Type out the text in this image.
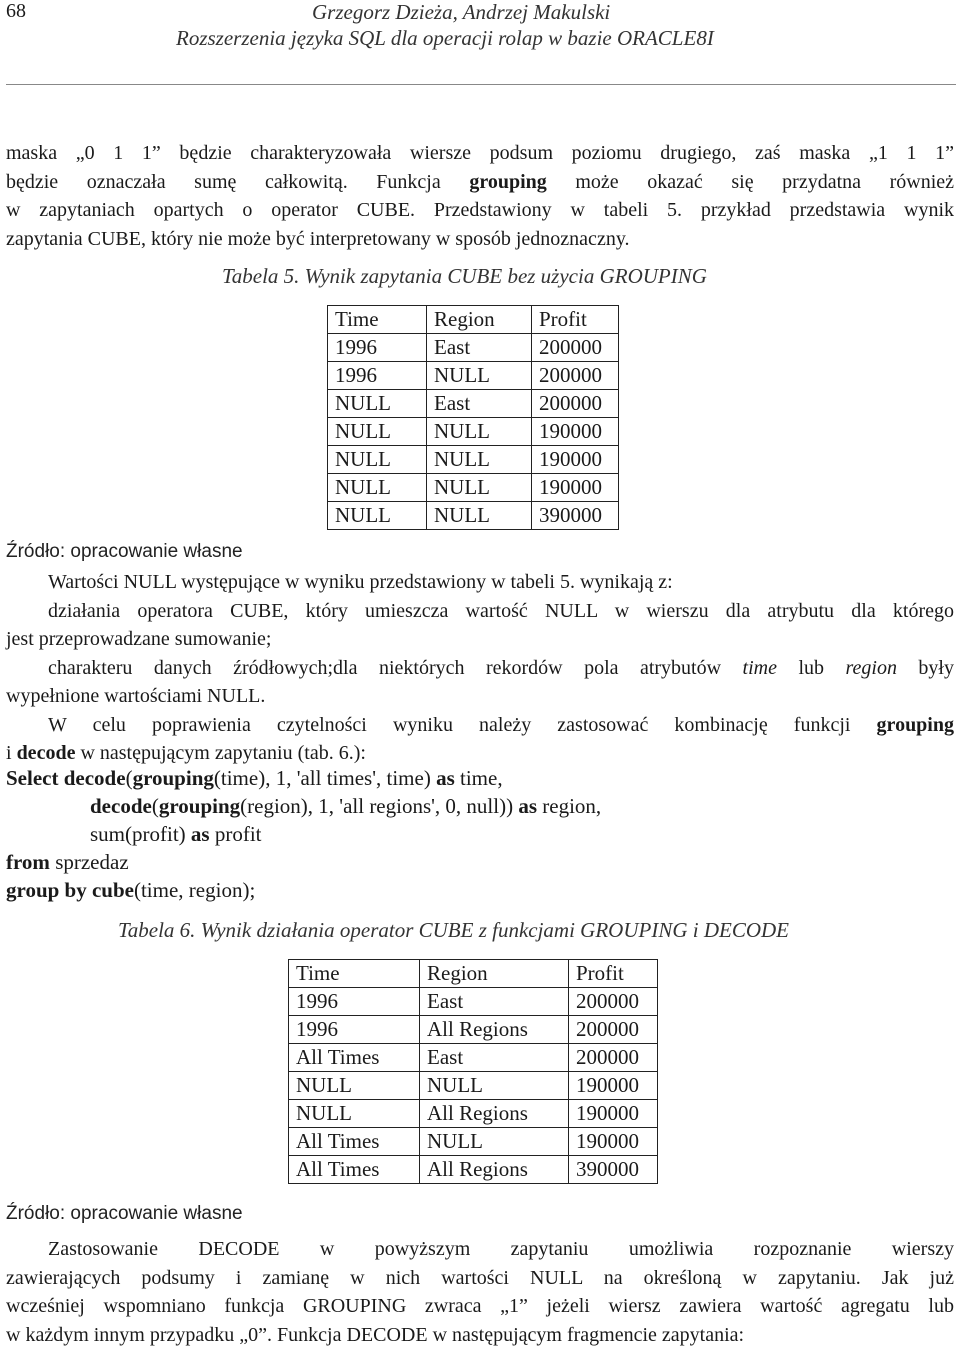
68	Grzegorz Dzieża, Andrzej Makulski
Rozszerzenia języka SQL dla operacji rolap w bazie ORACLE8I
maska „0 1 1” będzie charakteryzowała wiersze podsum poziomu drugiego, zaś maska „1 1 1”
będzie oznaczała sumę całkowitą. Funkcja grouping może okazać się przydatna również
w zapytaniach opartych o operator CUBE. Przedstawiony w tabeli 5. przykład przedstawia wynik
zapytania CUBE, który nie może być interpretowany w sposób jednoznaczny.
Tabela 5. Wynik zapytania CUBE bez użycia GROUPING
Time	Region	Profit
1996	East	200000
1996	NULL	200000
NULL	East	200000
NULL	NULL	190000
NULL	NULL	190000
NULL	NULL	190000
NULL	NULL	390000
Źródło: opracowanie własne
Wartości NULL występujące w wyniku przedstawiony w tabeli 5. wynikają z:
działania operatora CUBE, który umieszcza wartość NULL w wierszu dla atrybutu dla którego
jest przeprowadzane sumowanie;
charakteru danych źródłowych;dla niektórych rekordów pola atrybutów time lub region były
wypełnione wartościami NULL.
W celu poprawienia czytelności wyniku należy zastosować kombinację funkcji grouping
i decode w następującym zapytaniu (tab. 6.):
Select decode(grouping(time), 1, 'all times', time) as time,
decode(grouping(region), 1, 'all regions', 0, null)) as region,
sum(profit) as profit
from sprzedaz
group by cube(time, region);
Tabela 6. Wynik działania operator CUBE z funkcjami GROUPING i DECODE
Time	Region	Profit
1996	East	200000
1996	All Regions	200000
All Times	East	200000
NULL	NULL	190000
NULL	All Regions	190000
All Times	NULL	190000
All Times	All Regions	390000
Źródło: opracowanie własne
Zastosowanie DECODE w powyższym zapytaniu umożliwia rozpoznanie wierszy
zawierających podsumy i zamianę w nich wartości NULL na określoną w zapytaniu. Jak już
wcześniej wspomniano funkcja GROUPING zwraca „1” jeżeli wiersz zawiera wartość agregatu lub
w każdym innym przypadku „0”. Funkcja DECODE w następującym fragmencie zapytania:
